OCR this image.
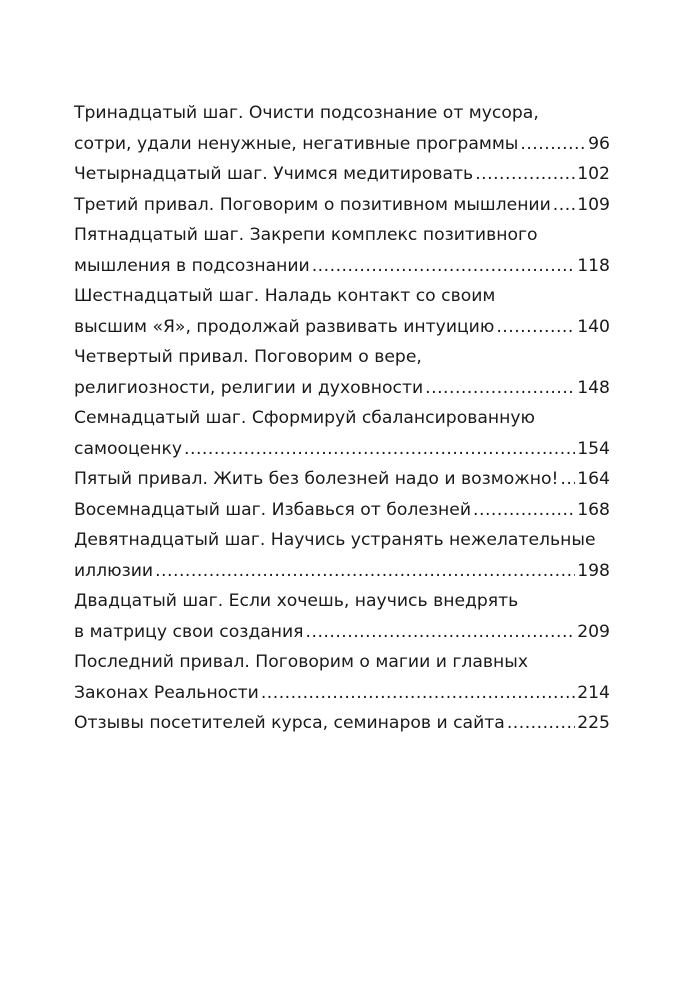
Тринадцатый шаг. Очисти подсознание от мусора,
сотри, удали ненужные, негативные программы .....	96
Четырнадцатый шаг. Учимся медитировать .....	102
Третий привал. Поговорим о позитивном мышлении ..... 109
Пятнадцатый шаг. Закрепи комплекс позитивного
мышления в подсознании .....	118
Шестнадцатый шаг. Наладь контакт со своим
высшим «Я», продолжай развивать интуицию .....	140
Четвертый привал. Поговорим о вере,
религиозности, религии и духовности .....	148
Семнадцатый шаг. Сформируй сбалансированную
самооценку .....	154
Пятый привал. Жить без болезней надо и возможно! ..... 164
Восемнадцатый шаг. Избавься от болезней .....	168
Девятнадцатый шаг. Научись устранять нежелательные
иллюзии .....	198
Двадцатый шаг. Если хочешь, научись внедрять
в матрицу свои создания .....	209
Последний привал. Поговорим о магии и главных
Законах Реальности .....	214
Отзывы посетителей курса, семинаров и сайта .....	225
